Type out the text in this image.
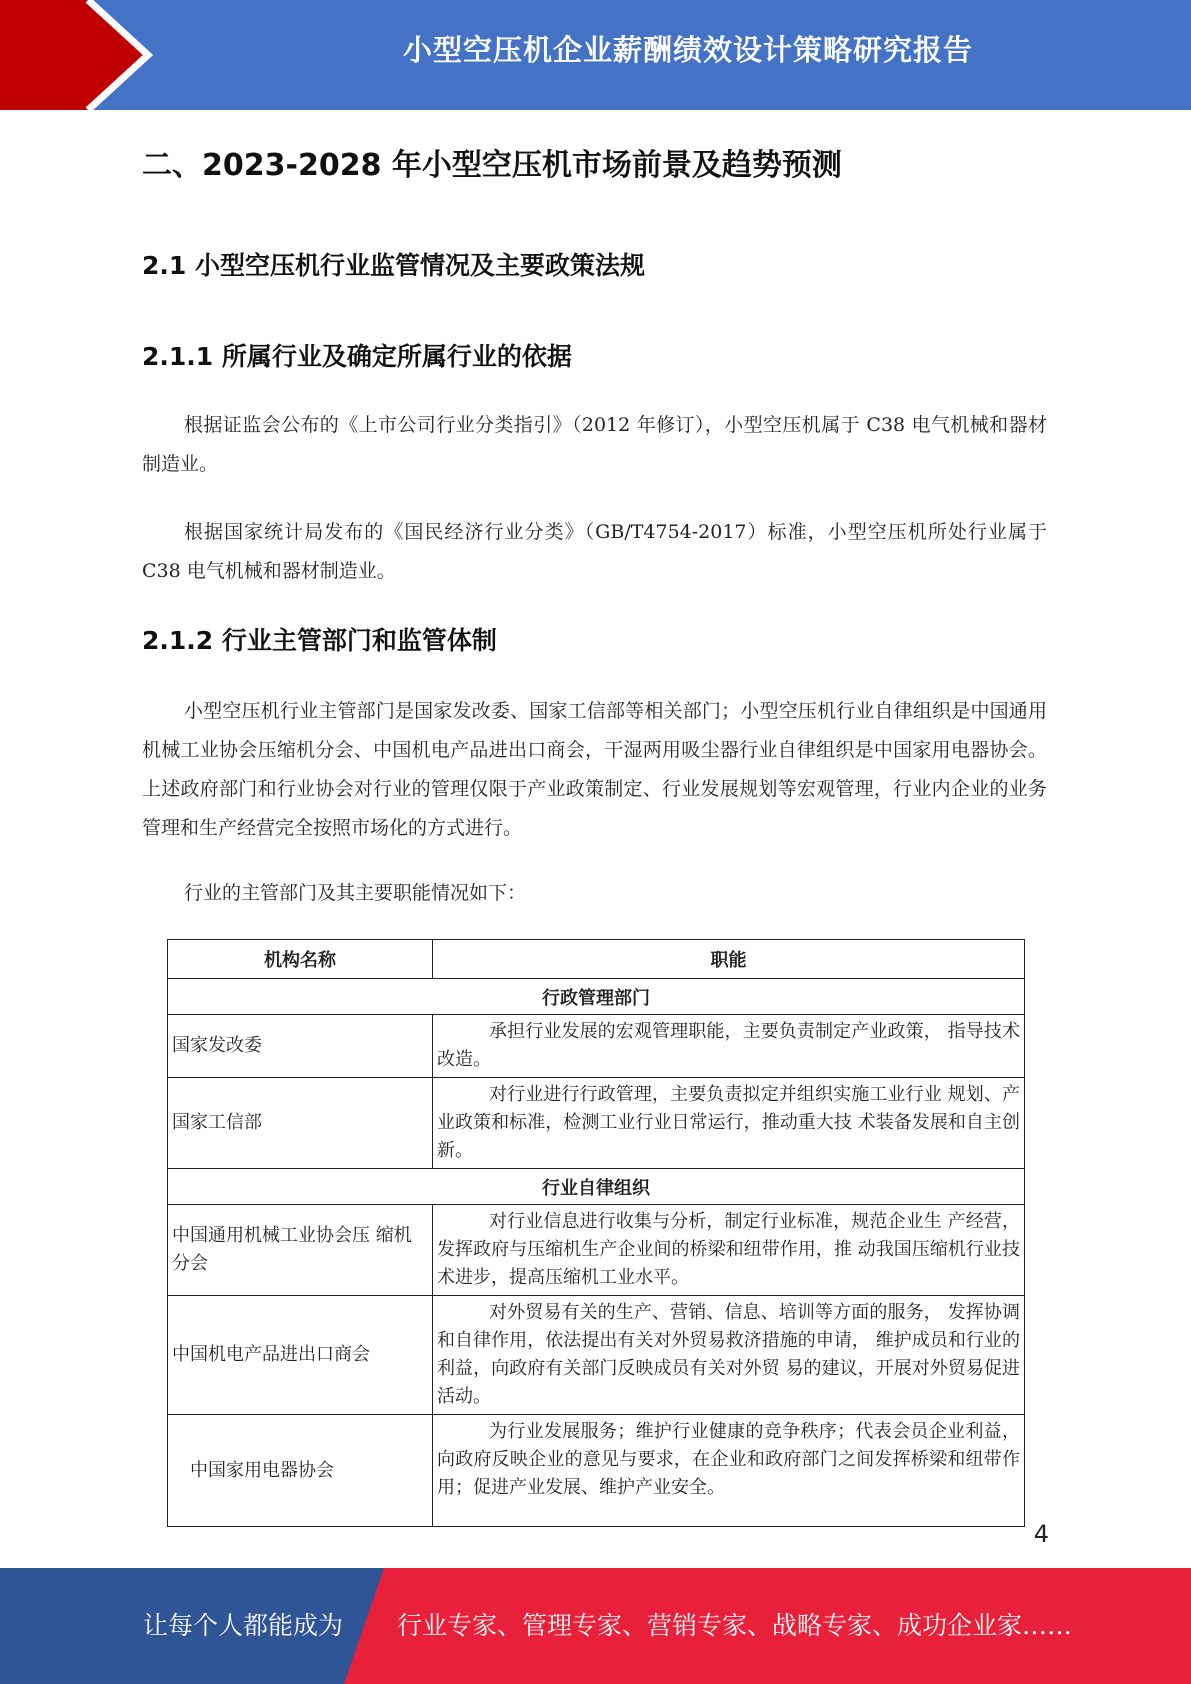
小型空压机企业薪酬绩效设计策略研究报告
二、2023-2028 年小型空压机市场前景及趋势预测
2.1 小型空压机行业监管情况及主要政策法规
2.1.1 所属行业及确定所属行业的依据

根据证监会公布的《上市公司行业分类指引》（2012 年修订），小型空压机属于 C38 电气机械和器材制造业。

根据国家统计局发布的《国民经济行业分类》（GB/T4754-2017）标准，小型空压机所处行业属于 C38 电气机械和器材制造业。

2.1.2 行业主管部门和监管体制

小型空压机行业主管部门是国家发改委、国家工信部等相关部门；小型空压机行业自律组织是中国通用机械工业协会压缩机分会、中国机电产品进出口商会，干湿两用吸尘器行业自律组织是中国家用电器协会。上述政府部门和行业协会对行业的管理仅限于产业政策制定、行业发展规划等宏观管理，行业内企业的业务管理和生产经营完全按照市场化的方式进行。

行业的主管部门及其主要职能情况如下：

机构名称	职能
行政管理部门	
国家发改委	承担行业发展的宏观管理职能，主要负责制定产业政策， 指导技术改造。
国家工信部	对行业进行行政管理，主要负责拟定并组织实施工业行业 规划、产业政策和标准，检测工业行业日常运行，推动重大技 术装备发展和自主创新。
行业自律组织	
中国通用机械工业协会压 缩机分会	对行业信息进行收集与分析，制定行业标准，规范企业生 产经营，发挥政府与压缩机生产企业间的桥梁和纽带作用，推 动我国压缩机行业技术进步，提高压缩机工业水平。
中国机电产品进出口商会	对外贸易有关的生产、营销、信息、培训等方面的服务， 发挥协调和自律作用，依法提出有关对外贸易救济措施的申请， 维护成员和行业的利益，向政府有关部门反映成员有关对外贸 易的建议，开展对外贸易促进活动。
中国家用电器协会	为行业发展服务；维护行业健康的竞争秩序；代表会员企业利益，向政府反映企业的意见与要求，在企业和政府部门之间发挥桥梁和纽带作用；促进产业发展、维护产业安全。
4
让每个人都能成为 行业专家、管理专家、营销专家、战略专家、成功企业家……
